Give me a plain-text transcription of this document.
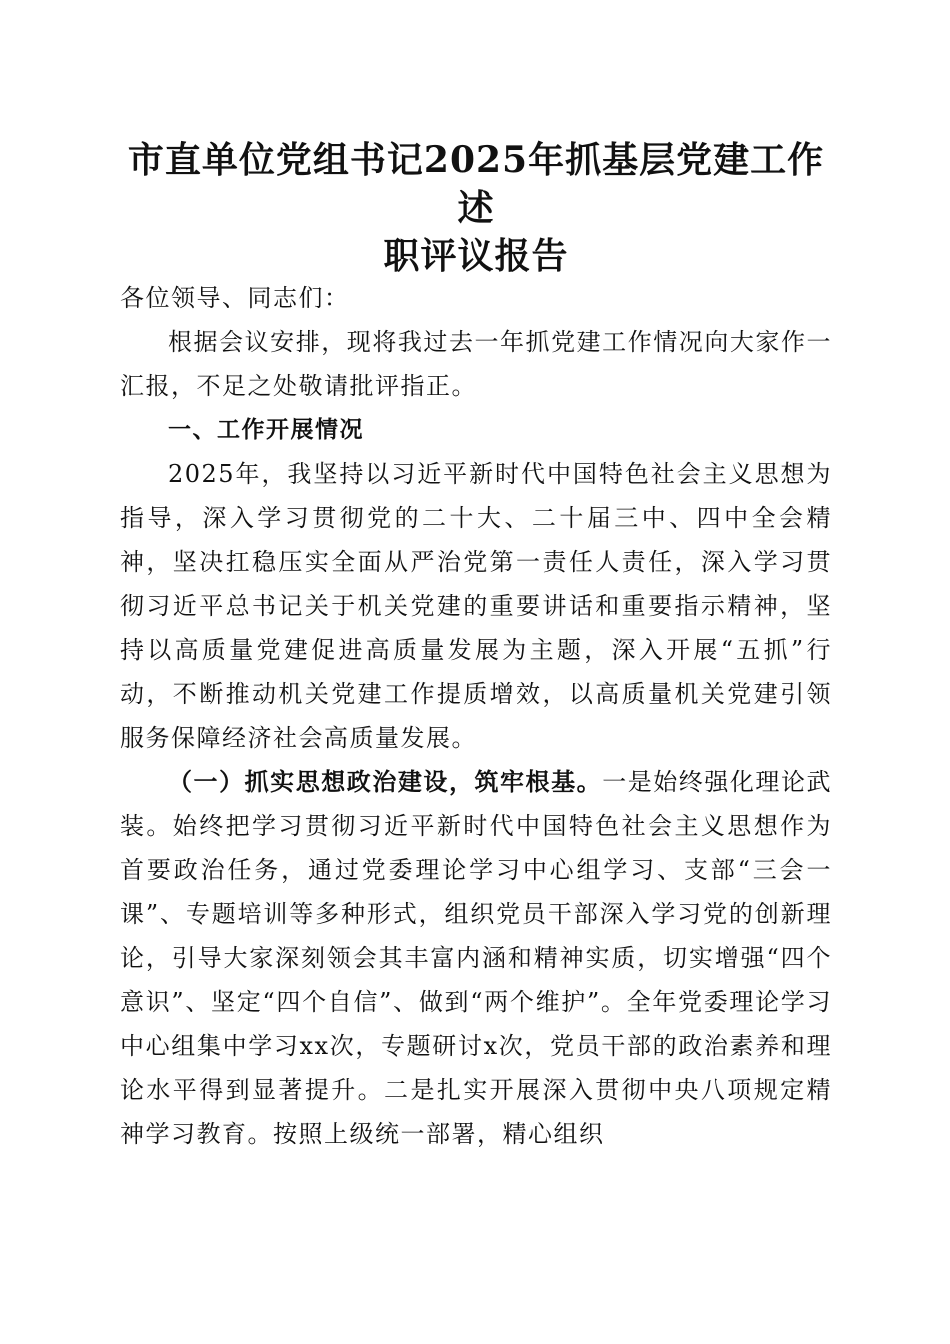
市直单位党组书记2025年抓基层党建工作述
职评议报告

各位领导、同志们：

根据会议安排，现将我过去一年抓党建工作情况向大家作一汇报，不足之处敬请批评指正。

一、工作开展情况

2025年，我坚持以习近平新时代中国特色社会主义思想为指导，深入学习贯彻党的二十大、二十届三中、四中全会精神，坚决扛稳压实全面从严治党第一责任人责任，深入学习贯彻习近平总书记关于机关党建的重要讲话和重要指示精神，坚持以高质量党建促进高质量发展为主题，深入开展“五抓”行动，不断推动机关党建工作提质增效，以高质量机关党建引领服务保障经济社会高质量发展。

（一）抓实思想政治建设，筑牢根基。一是始终强化理论武装。始终把学习贯彻习近平新时代中国特色社会主义思想作为首要政治任务，通过党委理论学习中心组学习、支部“三会一课”、专题培训等多种形式，组织党员干部深入学习党的创新理论，引导大家深刻领会其丰富内涵和精神实质，切实增强“四个意识”、坚定“四个自信”、做到“两个维护”。全年党委理论学习中心组集中学习xx次，专题研讨x次，党员干部的政治素养和理论水平得到显著提升。二是扎实开展深入贯彻中央八项规定精神学习教育。按照上级统一部署，精心组织
